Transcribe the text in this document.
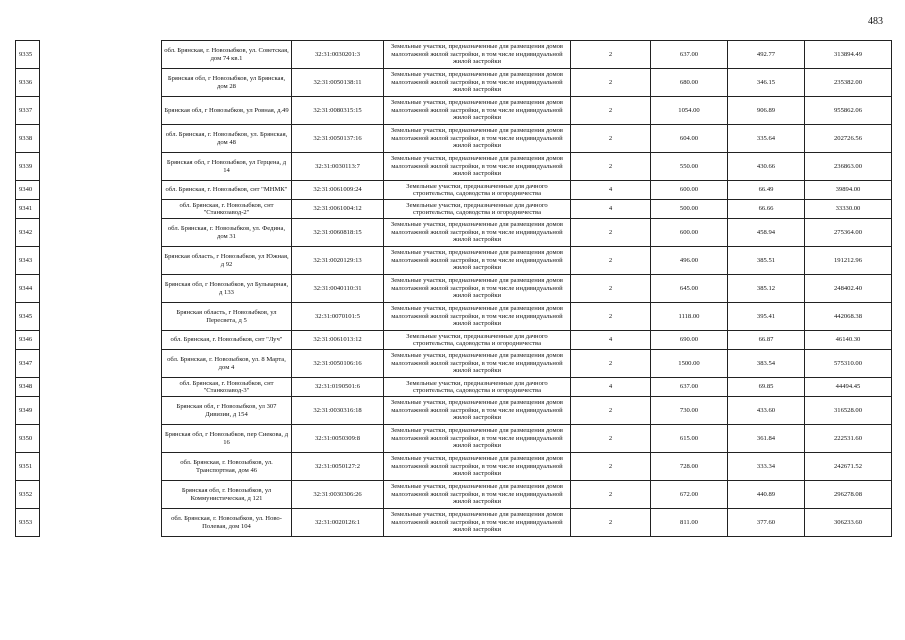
483
9335		обл. Брянская, г. Новозыбков, ул. Советская, дом 74 кв.1	32:31:0030201:3	Земельные участки, предназначенные для размещения домов малоэтажной жилой застройки, в том числе индивидуальной жилой застройки	2	637.00	492.77	313894.49
9336		Брянская обл, г Новозыбков, ул Брянская, дом 28	32:31:0050138:11	Земельные участки, предназначенные для размещения домов малоэтажной жилой застройки, в том числе индивидуальной жилой застройки	2	680.00	346.15	235382.00
9337		Брянская обл, г Новозыбков, ул Ровная, д.49	32:31:0080315:15	Земельные участки, предназначенные для размещения домов малоэтажной жилой застройки, в том числе индивидуальной жилой застройки	2	1054.00	906.89	955862.06
9338		обл. Брянская, г. Новозыбков, ул. Брянская, дом 48	32:31:0050137:16	Земельные участки, предназначенные для размещения домов малоэтажной жилой застройки, в том числе индивидуальной жилой застройки	2	604.00	335.64	202726.56
9339		Брянская обл, г Новозыбков, ул Герцена, д 14	32:31:0030113:7	Земельные участки, предназначенные для размещения домов малоэтажной жилой застройки, в том числе индивидуальной жилой застройки	2	550.00	430.66	236863.00
9340		обл. Брянская, г. Новозыбков, снт "МНМК"	32:31:0061009:24	Земельные участки, предназначенные для дачного строительства, садоводства и огородничества	4	600.00	66.49	39894.00
9341		обл. Брянская, г. Новозыбков, снт "Станкозавод-2"	32:31:0061004:12	Земельные участки, предназначенные для дачного строительства, садоводства и огородничества	4	500.00	66.66	33330.00
9342		обл. Брянская, г. Новозыбков, ул. Федина, дом 31	32:31:0060818:15	Земельные участки, предназначенные для размещения домов малоэтажной жилой застройки, в том числе индивидуальной жилой застройки	2	600.00	458.94	275364.00
9343		Брянская область, г Новозыбков, ул Южная, д 92	32:31:0020129:13	Земельные участки, предназначенные для размещения домов малоэтажной жилой застройки, в том числе индивидуальной жилой застройки	2	496.00	385.51	191212.96
9344		Брянская обл, г Новозыбков, ул Бульварная, д 133	32:31:0040110:31	Земельные участки, предназначенные для размещения домов малоэтажной жилой застройки, в том числе индивидуальной жилой застройки	2	645.00	385.12	248402.40
9345		Брянская область, г Новозыбков, ул Пересвета, д 5	32:31:0070101:5	Земельные участки, предназначенные для размещения домов малоэтажной жилой застройки, в том числе индивидуальной жилой застройки	2	1118.00	395.41	442068.38
9346		обл. Брянская, г. Новозыбков, снт "Луч"	32:31:0061013:12	Земельные участки, предназначенные для дачного строительства, садоводства и огородничества	4	690.00	66.87	46140.30
9347		обл. Брянская, г. Новозыбков, ул. 8 Марта, дом 4	32:31:0050106:16	Земельные участки, предназначенные для размещения домов малоэтажной жилой застройки, в том числе индивидуальной жилой застройки	2	1500.00	383.54	575310.00
9348		обл. Брянская, г. Новозыбков, снт "Станкозавод-3"	32:31:0190501:6	Земельные участки, предназначенные для дачного строительства, садоводства и огородничества	4	637.00	69.85	44494.45
9349		Брянская обл, г Новозыбков, ул 307 Дивизии, д 154	32:31:0030316:18	Земельные участки, предназначенные для размещения домов малоэтажной жилой застройки, в том числе индивидуальной жилой застройки	2	730.00	433.60	316528.00
9350		Брянская обл, г Новозыбков, пер Сиекова, д 16	32:31:0050309:8	Земельные участки, предназначенные для размещения домов малоэтажной жилой застройки, в том числе индивидуальной жилой застройки	2	615.00	361.84	222531.60
9351		обл. Брянская, г. Новозыбков, ул. Транспортная, дом 46	32:31:0050127:2	Земельные участки, предназначенные для размещения домов малоэтажной жилой застройки, в том числе индивидуальной жилой застройки	2	728.00	333.34	242671.52
9352		Брянская обл, г. Новозыбков, ул Коммунистическая, д 121	32:31:0030306:26	Земельные участки, предназначенные для размещения домов малоэтажной жилой застройки, в том числе индивидуальной жилой застройки	2	672.00	440.89	296278.08
9353		обл. Брянская, г. Новозыбков, ул. Ново-Полевая, дом 104	32:31:0020126:1	Земельные участки, предназначенные для размещения домов малоэтажной жилой застройки, в том числе индивидуальной жилой застройки	2	811.00	377.60	306233.60
